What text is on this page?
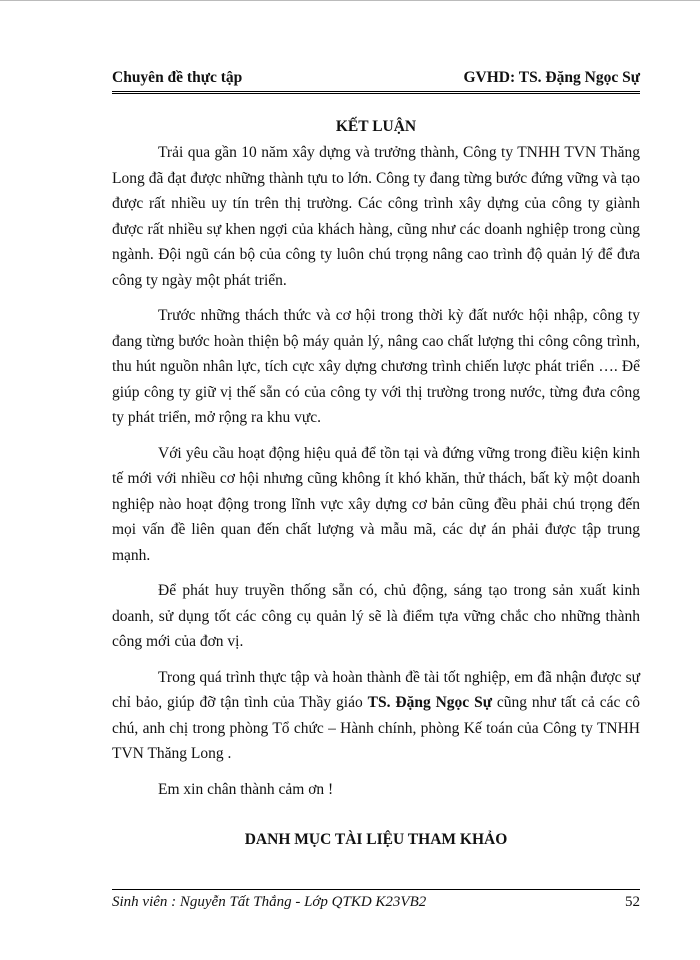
Chuyên đề thực tập	GVHD: TS. Đặng Ngọc Sự
KẾT LUẬN

Trải qua gần 10 năm xây dựng và trưởng thành, Công ty TNHH TVN Thăng Long đã đạt được những thành tựu to lớn. Công ty đang từng bước đứng vững và tạo được rất nhiều uy tín trên thị trường. Các công trình xây dựng của công ty giành được rất nhiều sự khen ngợi của khách hàng, cũng như các doanh nghiệp trong cùng ngành. Đội ngũ cán bộ của công ty luôn chú trọng nâng cao trình độ quản lý để đưa công ty ngày một phát triển.

Trước những thách thức và cơ hội trong thời kỳ đất nước hội nhập, công ty đang từng bước hoàn thiện bộ máy quản lý, nâng cao chất lượng thi công công trình, thu hút nguồn nhân lực, tích cực xây dựng chương trình chiến lược phát triển …. Để giúp công ty giữ vị thế sẵn có của công ty với thị trường trong nước, từng đưa công ty phát triển, mở rộng ra khu vực.

Với yêu cầu hoạt động hiệu quả để tồn tại và đứng vững trong điều kiện kinh tế mới với nhiều cơ hội nhưng cũng không ít khó khăn, thử thách, bất kỳ một doanh nghiệp nào hoạt động trong lĩnh vực xây dựng cơ bản cũng đều phải chú trọng đến mọi vấn đề liên quan đến chất lượng và mẫu mã, các dự án phải được tập trung mạnh.

Để phát huy truyền thống sẵn có, chủ động, sáng tạo trong sản xuất kinh doanh, sử dụng tốt các công cụ quản lý sẽ là điểm tựa vững chắc cho những thành công mới của đơn vị.

Trong quá trình thực tập và hoàn thành đề tài tốt nghiệp, em đã nhận được sự chỉ bảo, giúp đỡ tận tình của Thầy giáo TS. Đặng Ngọc Sự cũng như tất cả các cô chú, anh chị trong phòng Tổ chức – Hành chính, phòng Kế toán của Công ty TNHH TVN Thăng Long .

Em xin chân thành cảm ơn !

DANH MỤC TÀI LIỆU THAM KHẢO
Sinh viên : Nguyễn Tất Thắng - Lớp QTKD K23VB2	52
